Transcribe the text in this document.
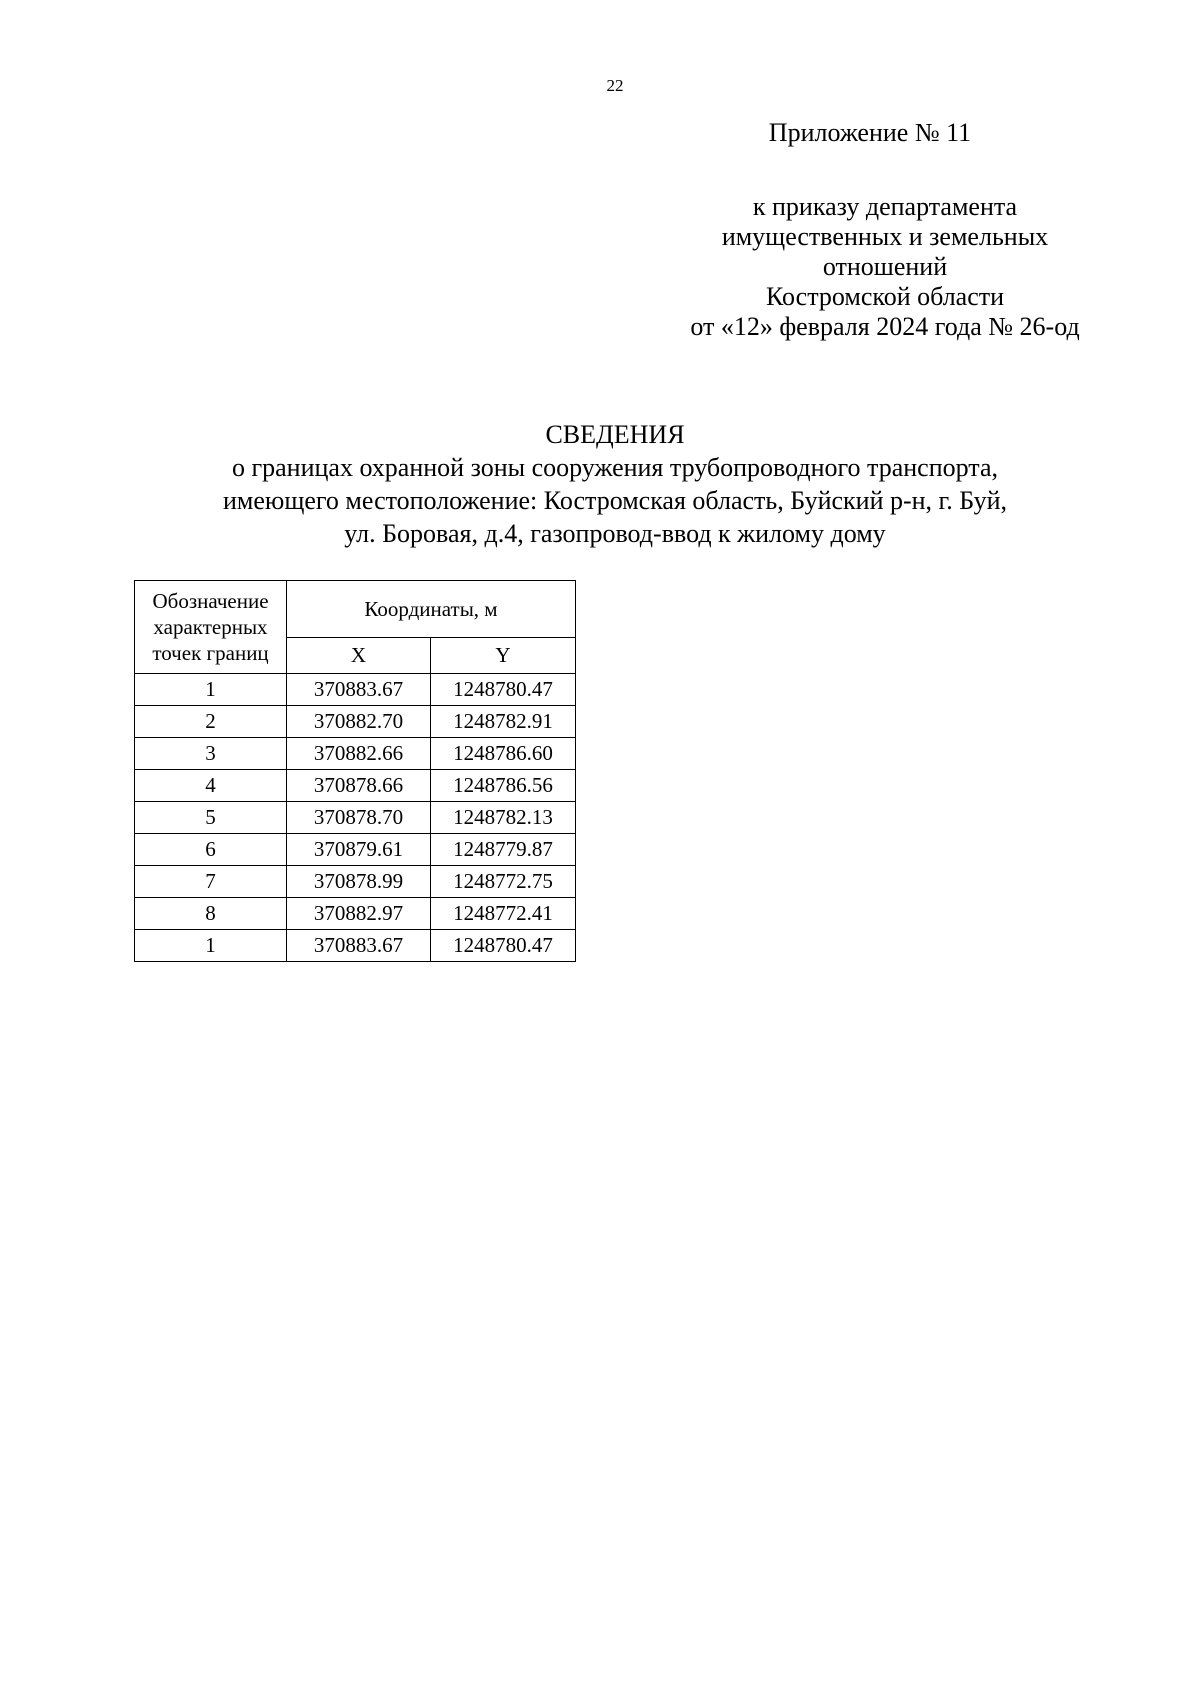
22
Приложение № 11
к приказу департамента
имущественных и земельных
отношений
Костромской области
от «12» февраля 2024 года № 26-од
СВЕДЕНИЯ
о границах охранной зоны сооружения трубопроводного транспорта,
имеющего местоположение: Костромская область, Буйский р-н, г. Буй,
ул. Боровая, д.4, газопровод-ввод к жилому дому
Обозначение
характерных
точек границ	Координаты, м	
	X	Y
1	370883.67	1248780.47
2	370882.70	1248782.91
3	370882.66	1248786.60
4	370878.66	1248786.56
5	370878.70	1248782.13
6	370879.61	1248779.87
7	370878.99	1248772.75
8	370882.97	1248772.41
1	370883.67	1248780.47
